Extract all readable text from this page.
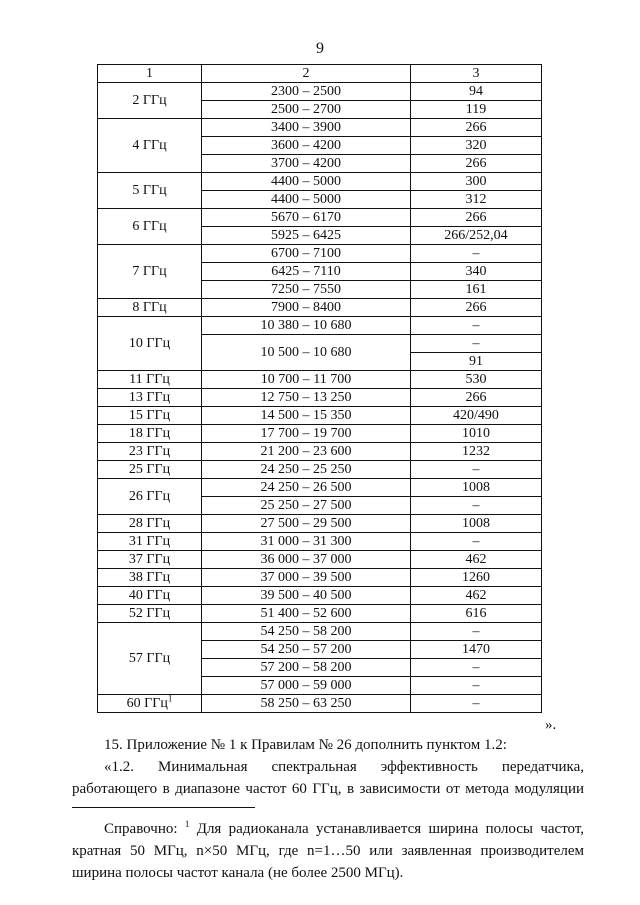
9
1	2	3
2 ГГц	2300 – 2500	94
	2500 – 2700	119
4 ГГц	3400 – 3900	266
	3600 – 4200	320
	3700 – 4200	266
5 ГГц	4400 – 5000	300
	4400 – 5000	312
6 ГГц	5670 – 6170	266
	5925 – 6425	266/252,04
7 ГГц	6700 – 7100	–
	6425 – 7110	340
	7250 – 7550	161
8 ГГц	7900 – 8400	266
10 ГГц	10 380 – 10 680	–
	10 500 – 10 680	–
		91
11 ГГц	10 700 – 11 700	530
13 ГГц	12 750 – 13 250	266
15 ГГц	14 500 – 15 350	420/490
18 ГГц	17 700 – 19 700	1010
23 ГГц	21 200 – 23 600	1232
25 ГГц	24 250 – 25 250	–
26 ГГц	24 250 – 26 500	1008
	25 250 – 27 500	–
28 ГГц	27 500 – 29 500	1008
31 ГГц	31 000 – 31 300	–
37 ГГц	36 000 – 37 000	462
38 ГГц	37 000 – 39 500	1260
40 ГГц	39 500 – 40 500	462
52 ГГц	51 400 – 52 600	616
57 ГГц	54 250 – 58 200	–
	54 250 – 57 200	1470
	57 200 – 58 200	–
	57 000 – 59 000	–
60 ГГц$^1$	58 250 – 63 250	–
».
15. Приложение № 1 к Правилам № 26 дополнить пунктом 1.2:
«1.2. Минимальная спектральная эффективность передатчика,
работающего в диапазоне частот 60 ГГц, в зависимости от метода модуляции
Справочно: $^1$ Для радиоканала устанавливается ширина полосы частот,
кратная 50 МГц, n×50 МГц, где n=1…50 или заявленная производителем
ширина полосы частот канала (не более 2500 МГц).
